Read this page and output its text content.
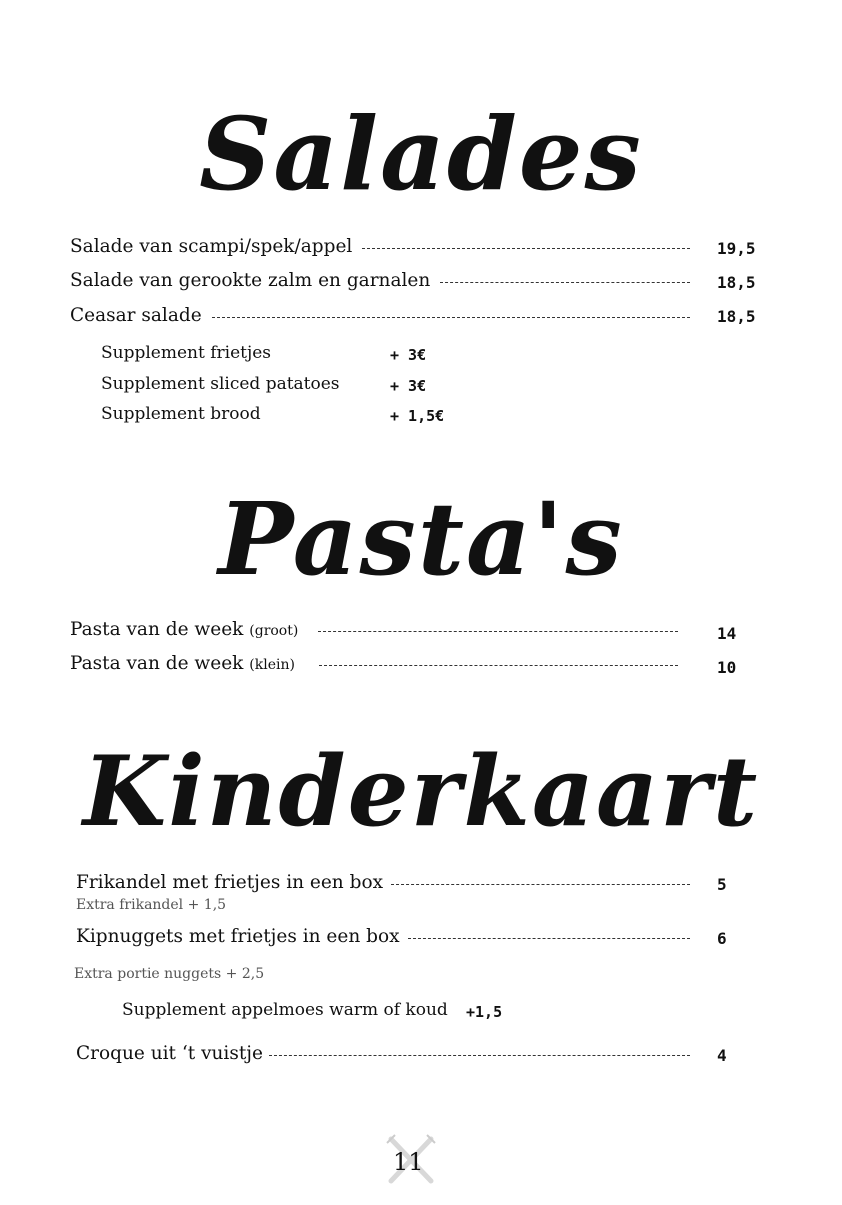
Salades
Salade van scampi/spek/appel	19,5
Salade van gerookte zalm en garnalen	18,5
Ceasar salade	18,5
Supplement frietjes	+ 3€
Supplement sliced patatoes	+ 3€
Supplement brood	+ 1,5€
Pasta's
Pasta van de week (groot)	14
Pasta van de week (klein)	10
Kinderkaart
Frikandel met frietjes in een box	5
Extra frikandel + 1,5
Kipnuggets met frietjes in een box	6
Extra portie nuggets + 2,5
Supplement appelmoes warm of koud +1,5
Croque uit ‘t vuistje	4
11
